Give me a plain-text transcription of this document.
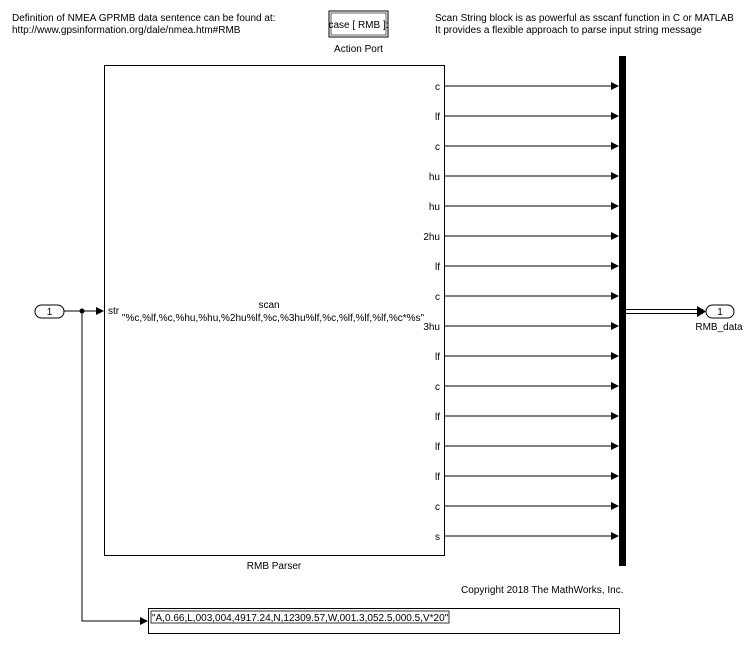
Definition of NMEA GPRMB data sentence can be found at:
http://www.gpsinformation.org/dale/nmea.htm#RMB
Scan String block is as powerful as sscanf function in C or MATLAB
It provides a flexible approach to parse input string message
Copyright 2018 The MathWorks, Inc.
case [ RMB ]:
Action Port
1	str
scan
"%c,%lf,%c,%hu,%hu,%2hu%lf,%c,%3hu%lf,%c,%lf,%lf,%lf,%c*%s"
RMB Parser
c
lf
c
hu
hu
2hu
lf
c
3hu
lf
c
lf
lf
lf
c
s
1
RMB_data
"A,0.66,L,003,004,4917.24,N,12309.57,W,001.3,052.5,000.5,V*20"
